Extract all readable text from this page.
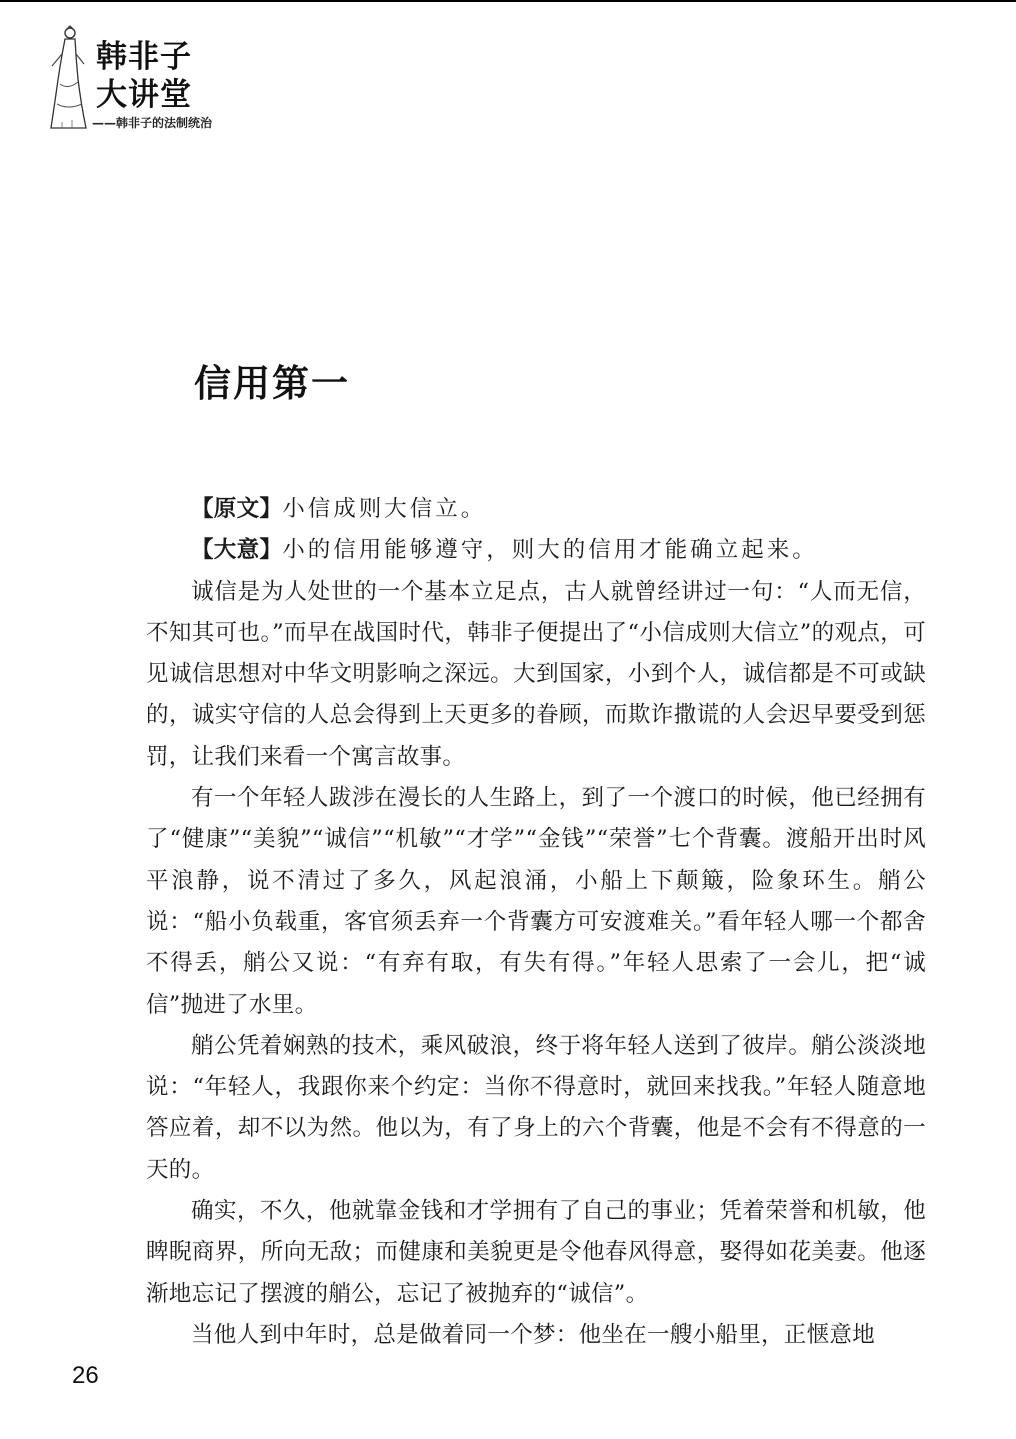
韩非子
大讲堂
——韩非子的法制统治
信用第一

【原文】小信成则大信立。

【大意】小的信用能够遵守，则大的信用才能确立起来。

诚信是为人处世的一个基本立足点，古人就曾经讲过一句：“人而无信，不知其可也。”而早在战国时代，韩非子便提出了“小信成则大信立”的观点，可见诚信思想对中华文明影响之深远。大到国家，小到个人，诚信都是不可或缺的，诚实守信的人总会得到上天更多的眷顾，而欺诈撒谎的人会迟早要受到惩罚，让我们来看一个寓言故事。

有一个年轻人跋涉在漫长的人生路上，到了一个渡口的时候，他已经拥有了“健康”“美貌”“诚信”“机敏”“才学”“金钱”“荣誉”七个背囊。渡船开出时风平浪静，说不清过了多久，风起浪涌，小船上下颠簸，险象环生。艄公说：“船小负载重，客官须丢弃一个背囊方可安渡难关。”看年轻人哪一个都舍不得丢，艄公又说：“有弃有取，有失有得。”年轻人思索了一会儿，把“诚信”抛进了水里。

艄公凭着娴熟的技术，乘风破浪，终于将年轻人送到了彼岸。艄公淡淡地说：“年轻人，我跟你来个约定：当你不得意时，就回来找我。”年轻人随意地答应着，却不以为然。他以为，有了身上的六个背囊，他是不会有不得意的一天的。

确实，不久，他就靠金钱和才学拥有了自己的事业；凭着荣誉和机敏，他睥睨商界，所向无敌；而健康和美貌更是令他春风得意，娶得如花美妻。他逐渐地忘记了摆渡的艄公，忘记了被抛弃的“诚信”。

当他人到中年时，总是做着同一个梦：他坐在一艘小船里，正惬意地

26
